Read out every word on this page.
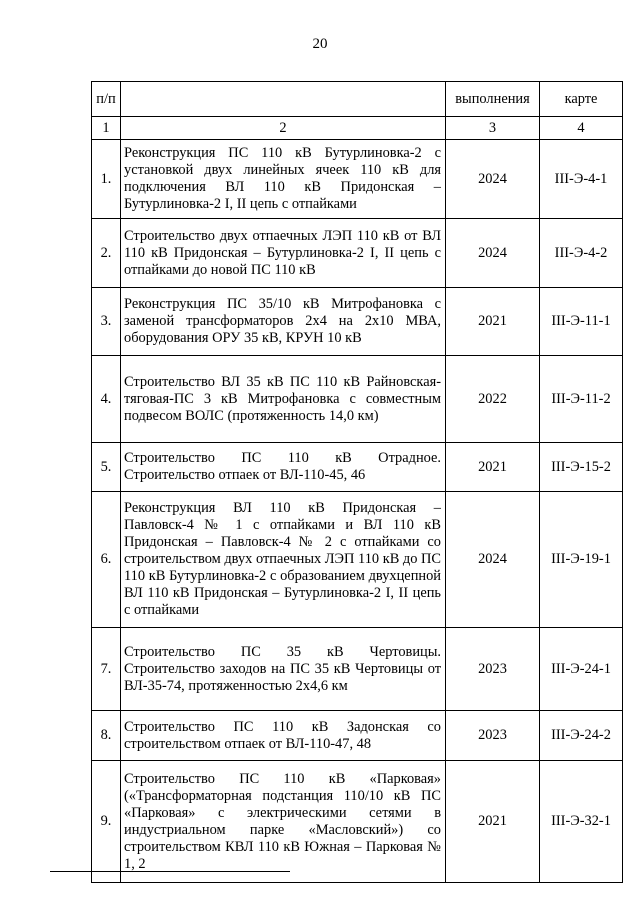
20
п/п		выполнения	карте
1	2	3	4
1.	Реконструкция ПС 110 кВ Бутурлиновка-2 с установкой двух линейных ячеек 110 кВ для подключения ВЛ 110 кВ Придонская – Бутурлиновка-2 I, II цепь с отпайками	2024	III-Э-4-1
2.	Строительство двух отпаечных ЛЭП 110 кВ от ВЛ 110 кВ Придонская – Бутурлиновка-2 I, II цепь с отпайками до новой ПС 110 кВ	2024	III-Э-4-2
3.	Реконструкция ПС 35/10 кВ Митрофановка с заменой трансформаторов 2х4 на 2х10 МВА, оборудования ОРУ 35 кВ, КРУН 10 кВ	2021	III-Э-11-1
4.	Строительство ВЛ 35 кВ ПС 110 кВ Райновская-тяговая-ПС 3 кВ Митрофановка с совместным подвесом ВОЛС (протяженность 14,0 км)	2022	III-Э-11-2
5.	Строительство ПС 110 кВ Отрадное. Строительство отпаек от ВЛ-110-45, 46	2021	III-Э-15-2
6.	Реконструкция ВЛ 110 кВ Придонская – Павловск-4 № 1 с отпайками и ВЛ 110 кВ Придонская – Павловск-4 № 2 с отпайками со строительством двух отпаечных ЛЭП 110 кВ до ПС 110 кВ Бутурлиновка-2 с образованием двухцепной ВЛ 110 кВ Придонская – Бутурлиновка-2 I, II цепь с отпайками	2024	III-Э-19-1
7.	Строительство ПС 35 кВ Чертовицы. Строительство заходов на ПС 35 кВ Чертовицы от ВЛ-35-74, протяженностью 2х4,6 км	2023	III-Э-24-1
8.	Строительство ПС 110 кВ Задонская со строительством отпаек от ВЛ-110-47, 48	2023	III-Э-24-2
9.	Строительство ПС 110 кВ «Парковая» («Трансформаторная подстанция 110/10 кВ ПС «Парковая» с электрическими сетями в индустриальном парке «Масловский») со строительством КВЛ 110 кВ Южная – Парковая № 1, 2	2021	III-Э-32-1
